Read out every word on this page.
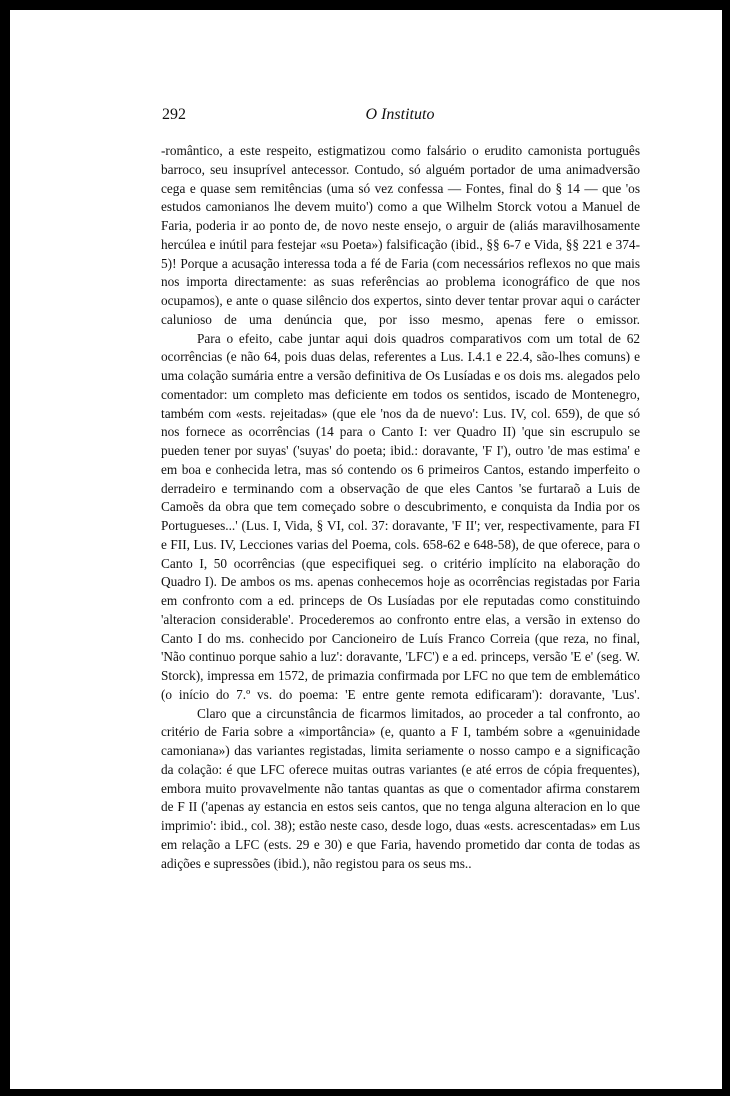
292	O Instituto

-romântico, a este respeito, estigmatizou como falsário o erudito camonista português barroco, seu insuprível antecessor. Contudo, só alguém portador de uma animadversão cega e quase sem remitências (uma só vez confessa — Fontes, final do § 14 — que 'os estudos camonianos lhe devem muito') como a que Wilhelm Storck votou a Manuel de Faria, poderia ir ao ponto de, de novo neste ensejo, o arguir de (aliás maravilhosamente hercúlea e inútil para festejar «su Poeta») falsificação (ibid., §§ 6-7 e Vida, §§ 221 e 374-5)! Porque a acusação interessa toda a fé de Faria (com necessários reflexos no que mais nos importa directamente: as suas referências ao problema iconográfico de que nos ocupamos), e ante o quase silêncio dos expertos, sinto dever tentar provar aqui o carácter calunioso de uma denúncia que, por isso mesmo, apenas fere o emissor.

Para o efeito, cabe juntar aqui dois quadros comparativos com um total de 62 ocorrências (e não 64, pois duas delas, referentes a Lus. I.4.1 e 22.4, são-lhes comuns) e uma colação sumária entre a versão definitiva de Os Lusíadas e os dois ms. alegados pelo comentador: um completo mas deficiente em todos os sentidos, iscado de Montenegro, também com «ests. rejeitadas» (que ele 'nos da de nuevo': Lus. IV, col. 659), de que só nos fornece as ocorrências (14 para o Canto I: ver Quadro II) 'que sin escrupulo se pueden tener por suyas' ('suyas' do poeta; ibid.: doravante, 'F I'), outro 'de mas estima' e em boa e conhecida letra, mas só contendo os 6 primeiros Cantos, estando imperfeito o derradeiro e terminando com a observação de que eles Cantos 'se furtaraõ a Luis de Camoẽs da obra que tem começado sobre o descubrimento, e conquista da India por os Portugueses...' (Lus. I, Vida, § VI, col. 37: doravante, 'F II'; ver, respectivamente, para FI e FII, Lus. IV, Lecciones varias del Poema, cols. 658-62 e 648-58), de que oferece, para o Canto I, 50 ocorrências (que especifiquei seg. o critério implícito na elaboração do Quadro I). De ambos os ms. apenas conhecemos hoje as ocorrências registadas por Faria em confronto com a ed. princeps de Os Lusíadas por ele reputadas como constituindo 'alteracion considerable'. Procederemos ao confronto entre elas, a versão in extenso do Canto I do ms. conhecido por Cancioneiro de Luís Franco Correia (que reza, no final, 'Não continuo porque sahio a luz': doravante, 'LFC') e a ed. princeps, versão 'E e' (seg. W. Storck), impressa em 1572, de primazia confirmada por LFC no que tem de emblemático (o início do 7.º vs. do poema: 'E entre gente remota edificaram'): doravante, 'Lus'.

Claro que a circunstância de ficarmos limitados, ao proceder a tal confronto, ao critério de Faria sobre a «importância» (e, quanto a F I, também sobre a «genuinidade camoniana») das variantes registadas, limita seriamente o nosso campo e a significação da colação: é que LFC oferece muitas outras variantes (e até erros de cópia frequentes), embora muito provavelmente não tantas quantas as que o comentador afirma constarem de F II ('apenas ay estancia en estos seis cantos, que no tenga alguna alteracion en lo que imprimio': ibid., col. 38); estão neste caso, desde logo, duas «ests. acrescentadas» em Lus em relação a LFC (ests. 29 e 30) e que Faria, havendo prometido dar conta de todas as adições e supressões (ibid.), não registou para os seus ms..
